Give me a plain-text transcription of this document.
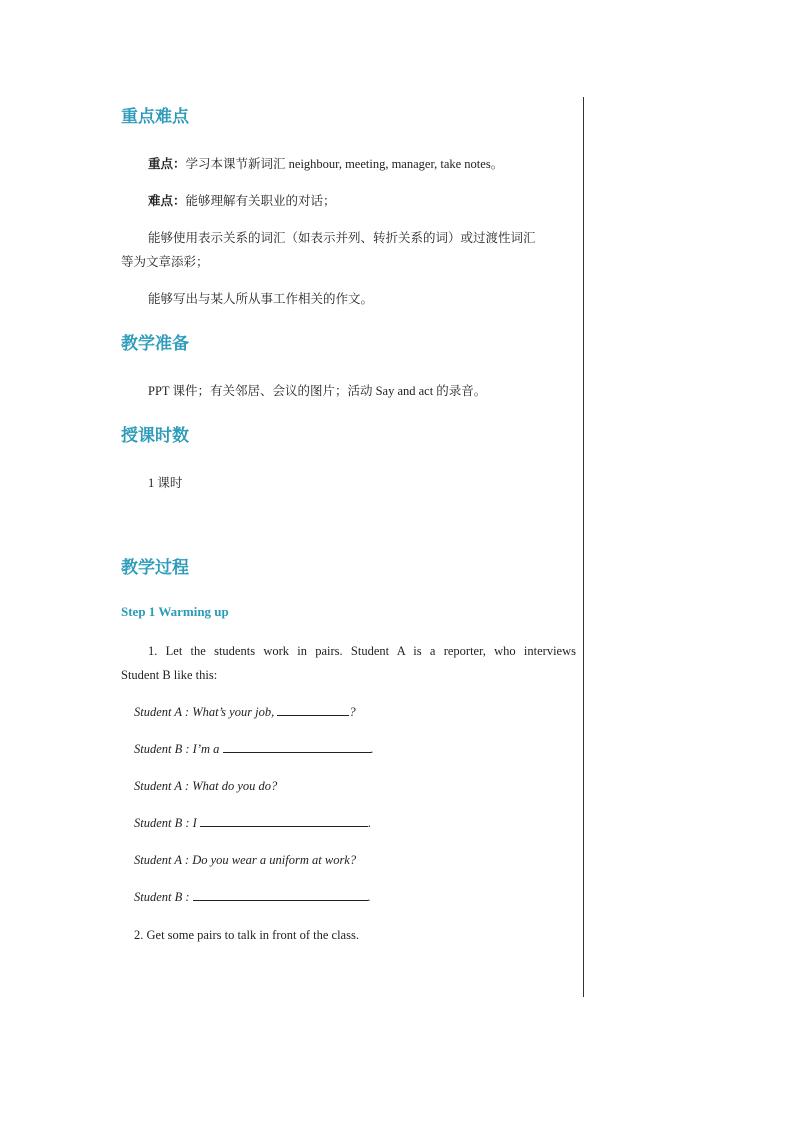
重点难点

重点：学习本课节新词汇 neighbour, meeting, manager, take notes。

难点：能够理解有关职业的对话；

能够使用表示关系的词汇（如表示并列、转折关系的词）或过渡性词汇

等为文章添彩；

能够写出与某人所从事工作相关的作文。

教学准备

PPT 课件；有关邻居、会议的图片；活动 Say and act 的录音。

授课时数

1 课时

教学过程

Step 1 Warming up

1. Let the students work in pairs. Student A is a reporter, who interviews

Student B like this:

Student A : What’s your job,	?

Student B : I’m a	.

Student A : What do you do?

Student B : I	.

Student A : Do you wear a uniform at work?

Student B :	.

2. Get some pairs to talk in front of the class.
